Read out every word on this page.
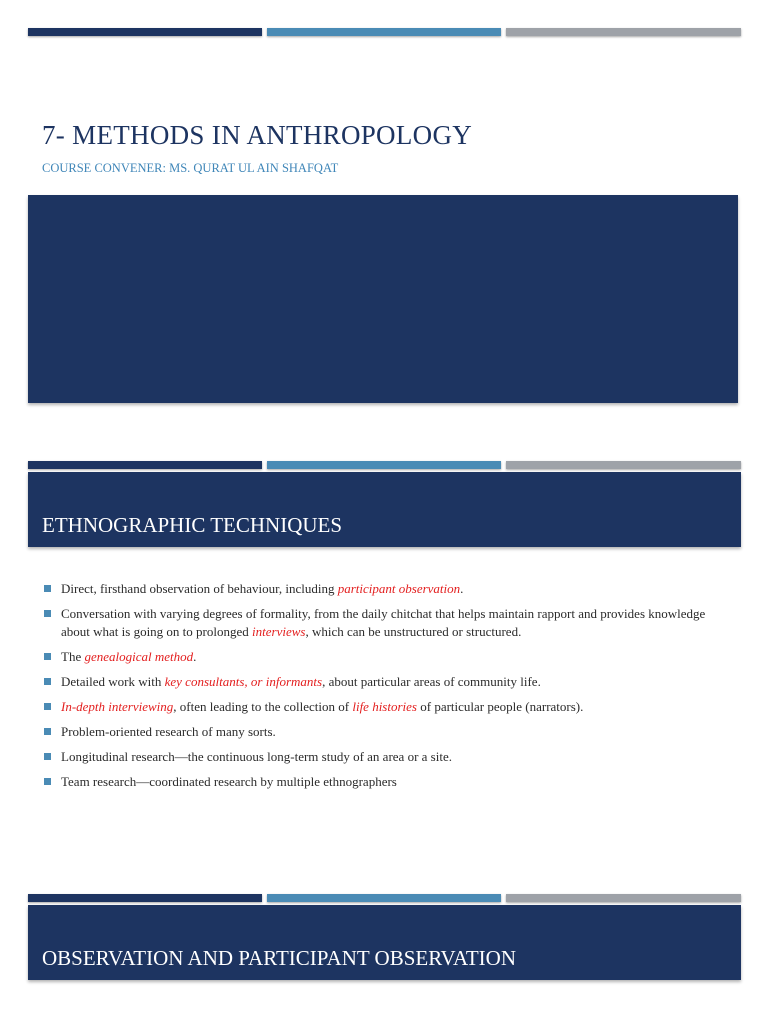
7- METHODS IN ANTHROPOLOGY

COURSE CONVENER: MS. QURAT UL AIN SHAFQAT

ETHNOGRAPHIC TECHNIQUES
Direct, firsthand observation of behaviour, including participant observation.
Conversation with varying degrees of formality, from the daily chitchat that helps maintain rapport and provides knowledge about what is going on to prolonged interviews, which can be unstructured or structured.
The genealogical method.
Detailed work with key consultants, or informants, about particular areas of community life.
In-depth interviewing, often leading to the collection of life histories of particular people (narrators).
Problem-oriented research of many sorts.
Longitudinal research—the continuous long-term study of an area or a site.
Team research—coordinated research by multiple ethnographers
OBSERVATION AND PARTICIPANT OBSERVATION
